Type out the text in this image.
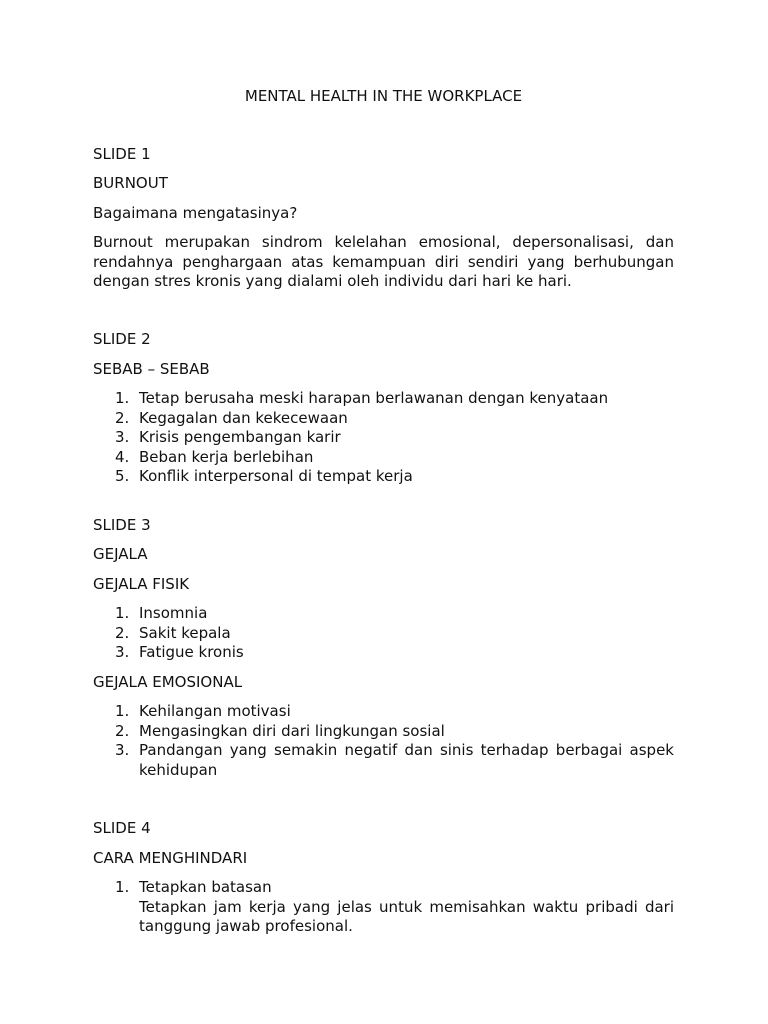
MENTAL HEALTH IN THE WORKPLACE

SLIDE 1

BURNOUT

Bagaimana mengatasinya?

Burnout merupakan sindrom kelelahan emosional, depersonalisasi, dan rendahnya penghargaan atas kemampuan diri sendiri yang berhubungan dengan stres kronis yang dialami oleh individu dari hari ke hari.

SLIDE 2

SEBAB – SEBAB

1. Tetap berusaha meski harapan berlawanan dengan kenyataan
2. Kegagalan dan kekecewaan
3. Krisis pengembangan karir
4. Beban kerja berlebihan
5. Konflik interpersonal di tempat kerja

SLIDE 3

GEJALA

GEJALA FISIK

1. Insomnia
2. Sakit kepala
3. Fatigue kronis

GEJALA EMOSIONAL

1. Kehilangan motivasi
2. Mengasingkan diri dari lingkungan sosial
3. Pandangan yang semakin negatif dan sinis terhadap berbagai aspek kehidupan

SLIDE 4

CARA MENGHINDARI

1. Tetapkan batasan
Tetapkan jam kerja yang jelas untuk memisahkan waktu pribadi dari tanggung jawab profesional.
